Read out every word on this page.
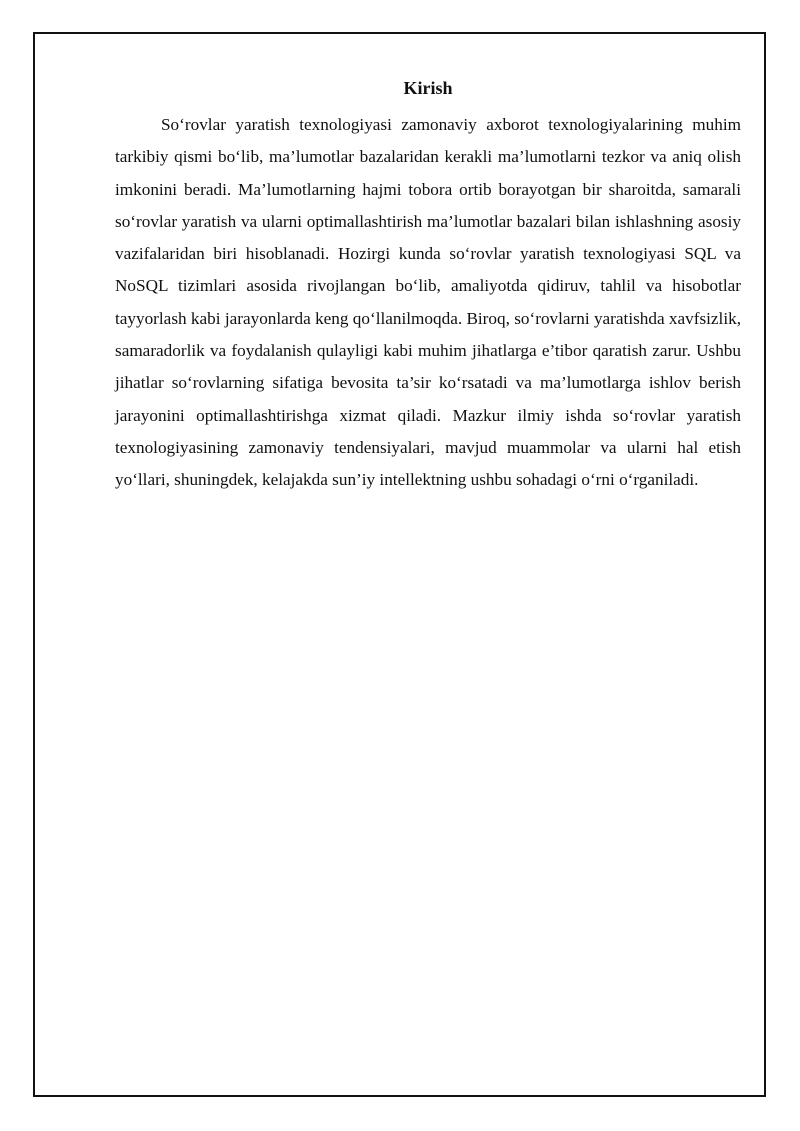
Kirish

So‘rovlar yaratish texnologiyasi zamonaviy axborot texnologiyalarining muhim tarkibiy qismi bo‘lib, ma’lumotlar bazalaridan kerakli ma’lumotlarni tezkor va aniq olish imkonini beradi. Ma’lumotlarning hajmi tobora ortib borayotgan bir sharoitda, samarali so‘rovlar yaratish va ularni optimallashtirish ma’lumotlar bazalari bilan ishlashning asosiy vazifalaridan biri hisoblanadi. Hozirgi kunda so‘rovlar yaratish texnologiyasi SQL va NoSQL tizimlari asosida rivojlangan bo‘lib, amaliyotda qidiruv, tahlil va hisobotlar tayyorlash kabi jarayonlarda keng qo‘llanilmoqda. Biroq, so‘rovlarni yaratishda xavfsizlik, samaradorlik va foydalanish qulayligi kabi muhim jihatlarga e’tibor qaratish zarur. Ushbu jihatlar so‘rovlarning sifatiga bevosita ta’sir ko‘rsatadi va ma’lumotlarga ishlov berish jarayonini optimallashtirishga xizmat qiladi. Mazkur ilmiy ishda so‘rovlar yaratish texnologiyasining zamonaviy tendensiyalari, mavjud muammolar va ularni hal etish yo‘llari, shuningdek, kelajakda sun’iy intellektning ushbu sohadagi o‘rni o‘rganiladi.
